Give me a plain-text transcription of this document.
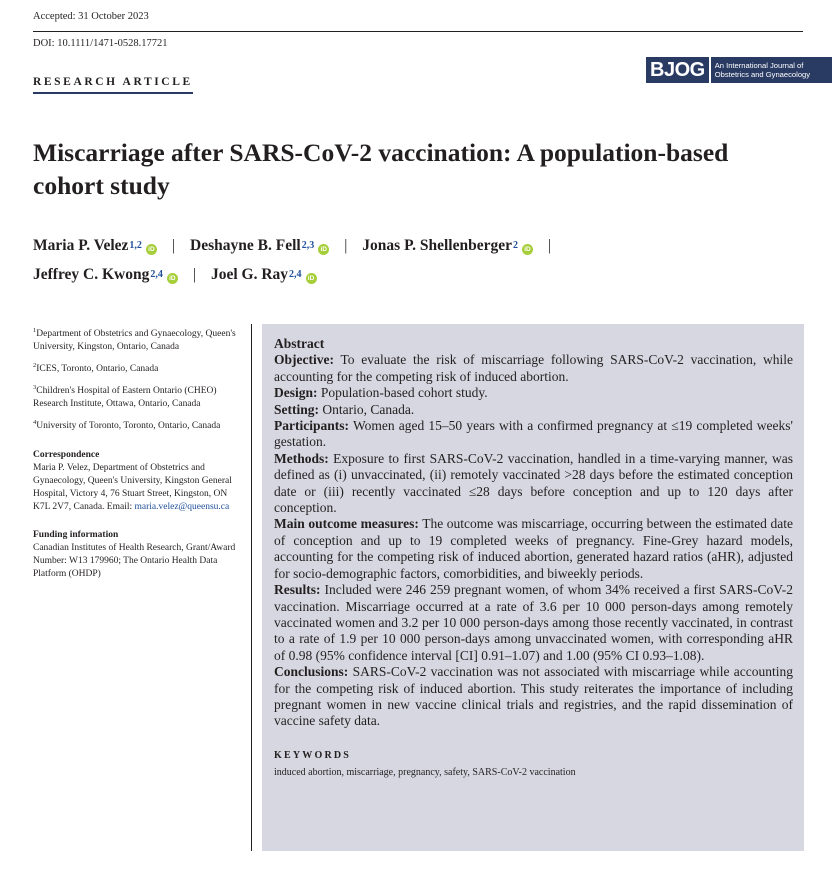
Accepted: 31 October 2023
DOI: 10.1111/1471-0528.17721
RESEARCH ARTICLE
BJOG	An International Journal of Obstetrics and Gynaecology
Miscarriage after SARS-CoV-2 vaccination: A population-based cohort study
Maria P. Velez$^{1,2}$ iD | Deshayne B. Fell$^{2,3}$ iD | Jonas P. Shellenberger$^2$ iD |
Jeffrey C. Kwong$^{2,4}$ iD | Joel G. Ray$^{2,4}$ iD
$^1$Department of Obstetrics and Gynaecology, Queen's University, Kingston, Ontario, Canada
$^2$ICES, Toronto, Ontario, Canada
$^3$Children's Hospital of Eastern Ontario (CHEO) Research Institute, Ottawa, Ontario, Canada
$^4$University of Toronto, Toronto, Ontario, Canada
Correspondence
Maria P. Velez, Department of Obstetrics and Gynaecology, Queen's University, Kingston General Hospital, Victory 4, 76 Stuart Street, Kingston, ON K7L 2V7, Canada. Email: maria.velez@queensu.ca
Funding information
Canadian Institutes of Health Research, Grant/Award Number: W13 179960; The Ontario Health Data Platform (OHDP)
Abstract

Objective: To evaluate the risk of miscarriage following SARS-CoV-2 vaccination, while accounting for the competing risk of induced abortion.

Design: Population-based cohort study.

Setting: Ontario, Canada.

Participants: Women aged 15–50 years with a confirmed pregnancy at ≤19 completed weeks' gestation.

Methods: Exposure to first SARS-CoV-2 vaccination, handled in a time-varying manner, was defined as (i) unvaccinated, (ii) remotely vaccinated >28 days before the estimated conception date or (iii) recently vaccinated ≤28 days before conception and up to 120 days after conception.

Main outcome measures: The outcome was miscarriage, occurring between the estimated date of conception and up to 19 completed weeks of pregnancy. Fine-Grey hazard models, accounting for the competing risk of induced abortion, generated hazard ratios (aHR), adjusted for socio-demographic factors, comorbidities, and biweekly periods.

Results: Included were 246 259 pregnant women, of whom 34% received a first SARS-CoV-2 vaccination. Miscarriage occurred at a rate of 3.6 per 10 000 person-days among remotely vaccinated women and 3.2 per 10 000 person-days among those recently vaccinated, in contrast to a rate of 1.9 per 10 000 person-days among unvaccinated women, with corresponding aHR of 0.98 (95% confidence interval [CI] 0.91–1.07) and 1.00 (95% CI 0.93–1.08).

Conclusions: SARS-CoV-2 vaccination was not associated with miscarriage while accounting for the competing risk of induced abortion. This study reiterates the importance of including pregnant women in new vaccine clinical trials and registries, and the rapid dissemination of vaccine safety data.

KEYWORDS
induced abortion, miscarriage, pregnancy, safety, SARS-CoV-2 vaccination
